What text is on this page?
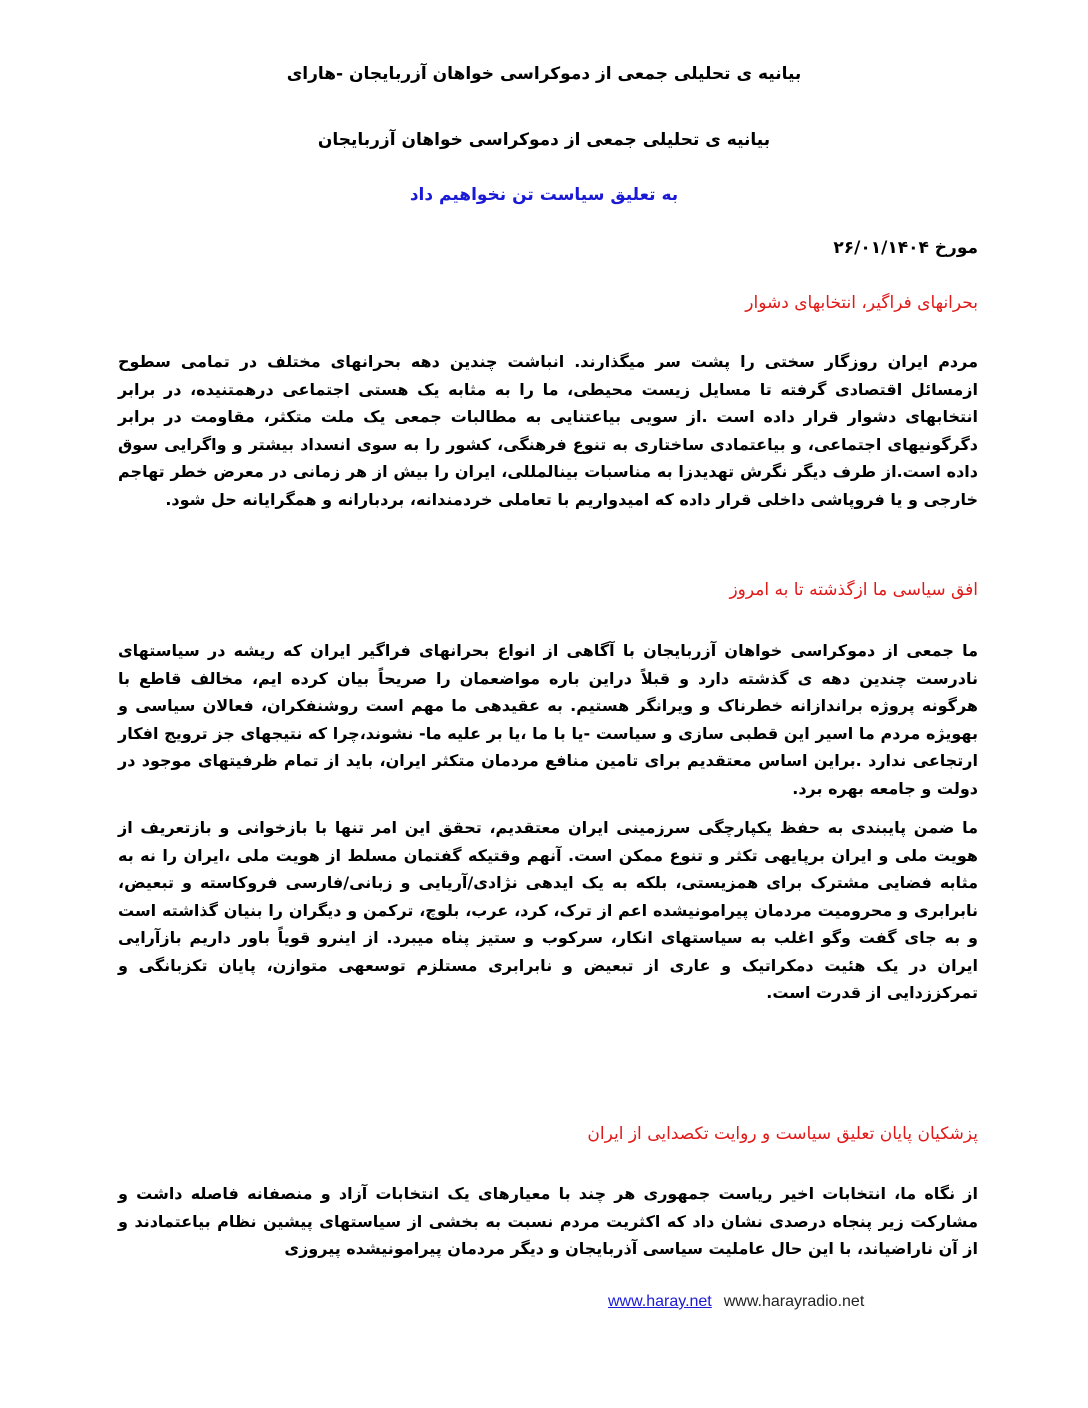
بیانیه ی تحلیلی جمعی از دموکراسی خواهان آزربایجان -هارای
بیانیه ی تحلیلی جمعی از دموکراسی خواهان آزربایجان
به تعلیق سیاست تن نخواهیم داد
مورخ ۲۶/۰۱/۱۴۰۴
بحرانهای فراگیر، انتخابهای دشوار
مردم ایران روزگار سختی را پشت سر میگذارند. انباشت چندین دهه بحرانهای مختلف در تمامی سطوح ازمسائل اقتصادی گرفته تا مسایل زیست محیطی، ما را به مثابه یک هستی اجتماعی درهمتنیده، در برابر انتخابهای دشوار قرار داده است .از سویی بیاعتنایی به مطالبات جمعی یک ملت متکثر، مقاومت در برابر دگرگونیهای اجتماعی، و بیاعتمادی ساختاری به تنوع فرهنگی، کشور را به سوی انسداد بیشتر و واگرایی سوق داده است.از طرف دیگر نگرش تهدیدزا به مناسبات بینالمللی، ایران را بیش از هر زمانی در معرض خطر تهاجم خارجی و یا فروپاشی داخلی قرار داده که امیدواریم با تعاملی خردمندانه، بردبارانه و همگرایانه حل شود.
افق سیاسی ما ازگذشته تا به امروز
ما جمعی از دموکراسی خواهان آزربایجان با آگاهی از انواع بحرانهای فراگیر ایران که ریشه در سیاستهای نادرست چندین دهه ی گذشته دارد و قبلاً دراین باره مواضعمان را صریحاً بیان کرده ایم، مخالف قاطع با هرگونه پروژه براندازانه خطرناک و ویرانگر هستیم. به عقیدهی ما مهم است روشنفکران، فعالان سیاسی و بهویژه مردم ما اسیر این قطبی سازی و سیاست -یا با ما ،یا بر علیه ما- نشوند،چرا که نتیجهای جز ترویج افکار ارتجاعی ندارد .براین اساس معتقدیم برای تامین منافع مردمان متکثر ایران، باید از تمام ظرفیتهای موجود در دولت و جامعه بهره برد.
ما ضمن پایبندی به حفظ یکپارچگی سرزمینی ایران معتقدیم، تحقق این امر تنها با بازخوانی و بازتعریف از هویت ملی و ایران برپایهی تکثر و تنوع ممکن است. آنهم وقتیکه گفتمان مسلط از هویت ملی ،ایران را نه به مثابه فضایی مشترک برای همزیستی، بلکه به یک ایدهی نژادی/آریایی و زبانی/فارسی فروکاسته و تبعیض، نابرابری و محرومیت مردمان پیرامونیشده اعم از ترک، کرد، عرب، بلوچ، ترکمن و دیگران را بنیان گذاشته است و به جای گفت وگو اغلب به سیاستهای انکار، سرکوب و ستیز پناه میبرد. از اینرو قویاً باور داریم بازآرایی ایران در یک هئیت دمکراتیک و عاری از تبعیض و نابرابری مستلزم توسعهی متوازن، پایان تکزبانگی و تمرکززدایی از قدرت است.
پزشکیان پایان تعلیق سیاست و روایت تکصدایی از ایران
از نگاه ما، انتخابات اخیر ریاست جمهوری هر چند با معیارهای یک انتخابات آزاد و منصفانه فاصله داشت و مشارکت زیر پنجاه درصدی نشان داد که اکثریت مردم نسبت به بخشی از سیاستهای پیشین نظام بیاعتمادند و از آن ناراضیاند، با این حال عاملیت سیاسی آذربایجان و دیگر مردمان پیرامونیشده پیروزی
www.haray.net www.harayradio.net
